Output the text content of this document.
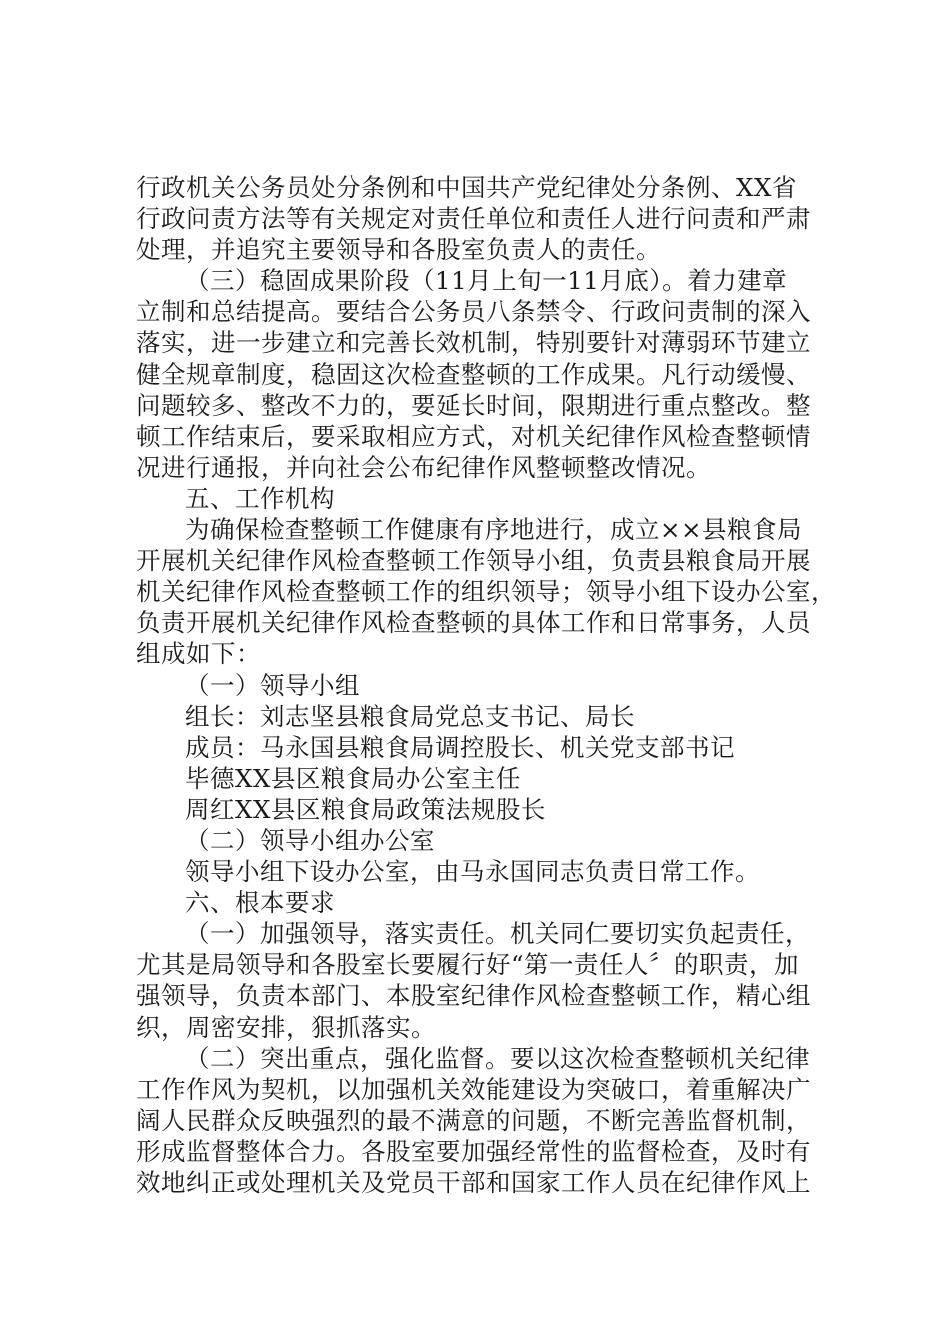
行政机关公务员处分条例和中国共产党纪律处分条例、XX省
行政问责方法等有关规定对责任单位和责任人进行问责和严肃
处理，并追究主要领导和各股室负责人的责任。
（三）稳固成果阶段（11月上旬一11月底）。着力建章
立制和总结提高。要结合公务员八条禁令、行政问责制的深入
落实，进一步建立和完善长效机制，特别要针对薄弱环节建立
健全规章制度，稳固这次检查整顿的工作成果。凡行动缓慢、
问题较多、整改不力的，要延长时间，限期进行重点整改。整
顿工作结束后，要采取相应方式，对机关纪律作风检查整顿情
况进行通报，并向社会公布纪律作风整顿整改情况。
五、工作机构
为确保检查整顿工作健康有序地进行，成立××县粮食局
开展机关纪律作风检查整顿工作领导小组，负责县粮食局开展
机关纪律作风检查整顿工作的组织领导；领导小组下设办公室，
负责开展机关纪律作风检查整顿的具体工作和日常事务，人员
组成如下：
（一）领导小组
组长：刘志坚县粮食局党总支书记、局长
成员：马永国县粮食局调控股长、机关党支部书记
毕德XX县区粮食局办公室主任
周红XX县区粮食局政策法规股长
（二）领导小组办公室
领导小组下设办公室，由马永国同志负责日常工作。
六、根本要求
（一）加强领导，落实责任。机关同仁要切实负起责任，
尤其是局领导和各股室长要履行好“第一责任人〞的职责，加
强领导，负责本部门、本股室纪律作风检查整顿工作，精心组
织，周密安排，狠抓落实。
（二）突出重点，强化监督。要以这次检查整顿机关纪律
工作作风为契机，以加强机关效能建设为突破口，着重解决广
阔人民群众反映强烈的最不满意的问题，不断完善监督机制，
形成监督整体合力。各股室要加强经常性的监督检查，及时有
效地纠正或处理机关及党员干部和国家工作人员在纪律作风上
